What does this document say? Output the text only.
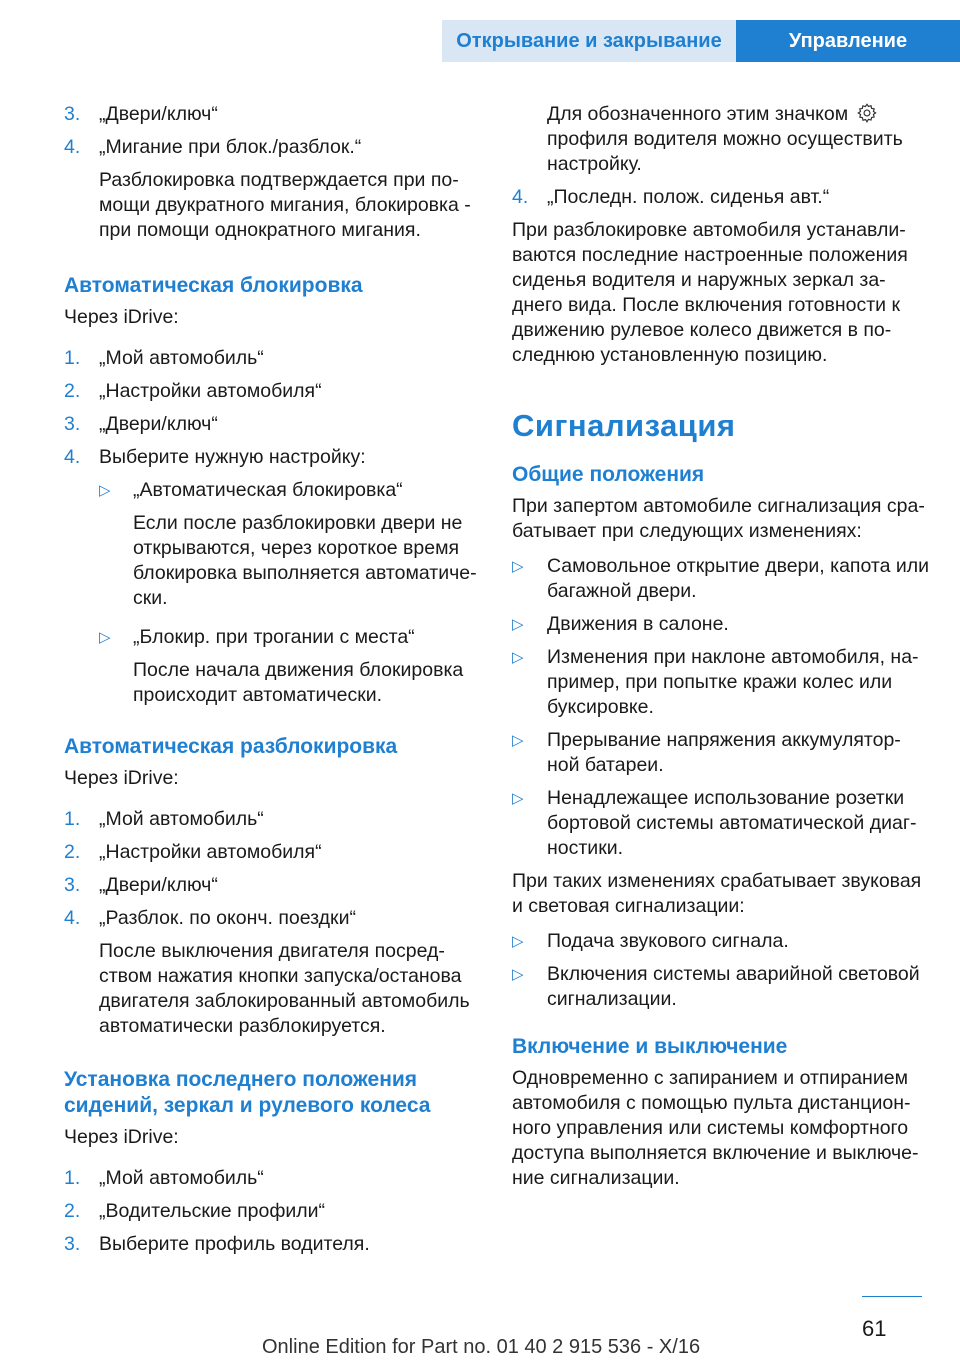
Открывание и закрывание	Управление
3. „Двери/ключ“

4. „Мигание при блок./разблок.“

Разблокировка подтверждается при по-мощи двукратного мигания, блокировка - при помощи однократного мигания.

Автоматическая блокировка

Через iDrive:

1. „Мой автомобиль“

2. „Настройки автомобиля“

3. „Двери/ключ“

4. Выберите нужную настройку:

▷ „Автоматическая блокировка“

Если после разблокировки двери не открываются, через короткое время блокировка выполняется автоматиче-ски.

▷ „Блокир. при трогании с места“

После начала движения блокировка происходит автоматически.

Автоматическая разблокировка

Через iDrive:

1. „Мой автомобиль“

2. „Настройки автомобиля“

3. „Двери/ключ“

4. „Разблок. по оконч. поездки“

После выключения двигателя посред-ством нажатия кнопки запуска/останова двигателя заблокированный автомобиль автоматически разблокируется.

Установка последнего положения сидений, зеркал и рулевого колеса

Через iDrive:

1. „Мой автомобиль“

2. „Водительские профили“

3. Выберите профиль водителя.

Для обозначенного этим значком

профиля водителя можно осуществить настройку.

4. „Последн. полож. сиденья авт.“

При разблокировке автомобиля устанавли-ваются последние настроенные положения сиденья водителя и наружных зеркал за-днего вида. После включения готовности к движению рулевое колесо движется в по-следнюю установленную позицию.

Сигнализация
Общие положения

При запертом автомобиле сигнализация сра-батывает при следующих изменениях:

▷ Самовольное открытие двери, капота или багажной двери.

▷ Движения в салоне.

▷ Изменения при наклоне автомобиля, на-пример, при попытке кражи колес или буксировке.

▷ Прерывание напряжения аккумулятор-ной батареи.

▷ Ненадлежащее использование розетки бортовой системы автоматической диаг-ностики.

При таких изменениях срабатывает звуковая и световая сигнализации:

▷ Подача звукового сигнала.

▷ Включения системы аварийной световой сигнализации.

Включение и выключение

Одновременно с запиранием и отпиранием автомобиля с помощью пульта дистанцион-ного управления или системы комфортного доступа выполняется включение и выключе-ние сигнализации.

61
Online Edition for Part no. 01 40 2 915 536 - X/16
